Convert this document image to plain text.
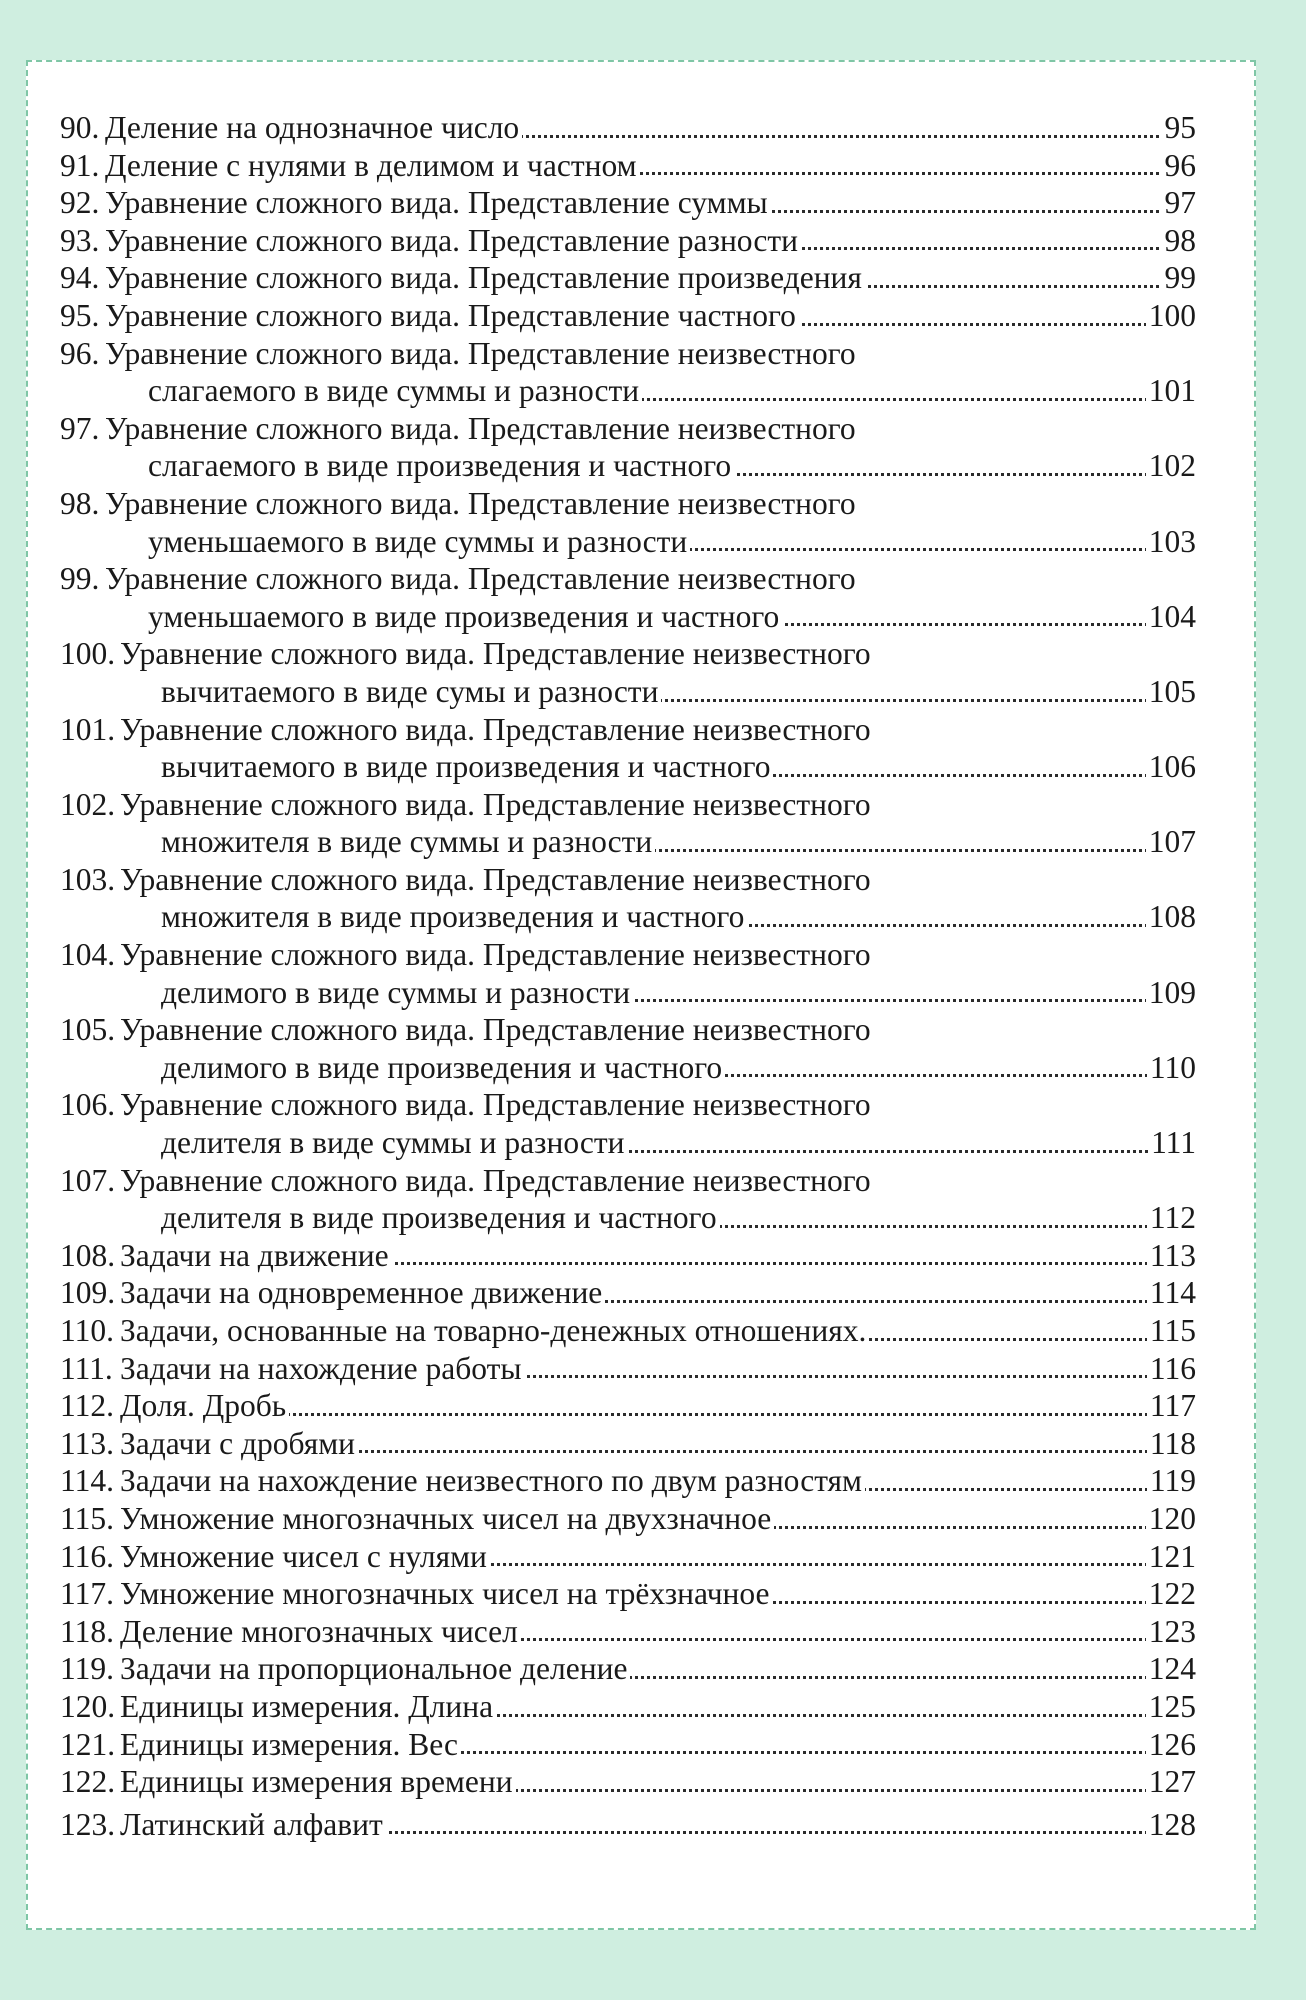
90. Деление на однозначное число	95
91. Деление с нулями в делимом и частном	96
92. Уравнение сложного вида. Представление суммы	97
93. Уравнение сложного вида. Представление разности	98
94. Уравнение сложного вида. Представление произведения	99
95. Уравнение сложного вида. Представление частного	100
96. Уравнение сложного вида. Представление неизвестного
слагаемого в виде суммы и разности	101
97. Уравнение сложного вида. Представление неизвестного
слагаемого в виде произведения и частного	102
98. Уравнение сложного вида. Представление неизвестного
уменьшаемого в виде суммы и разности	103
99. Уравнение сложного вида. Представление неизвестного
уменьшаемого в виде произведения и частного	104
100. Уравнение сложного вида. Представление неизвестного
вычитаемого в виде сумы и разности	105
101. Уравнение сложного вида. Представление неизвестного
вычитаемого в виде произведения и частного	106
102. Уравнение сложного вида. Представление неизвестного
множителя в виде суммы и разности	107
103. Уравнение сложного вида. Представление неизвестного
множителя в виде произведения и частного	108
104. Уравнение сложного вида. Представление неизвестного
делимого в виде суммы и разности	109
105. Уравнение сложного вида. Представление неизвестного
делимого в виде произведения и частного	110
106. Уравнение сложного вида. Представление неизвестного
делителя в виде суммы и разности	111
107. Уравнение сложного вида. Представление неизвестного
делителя в виде произведения и частного	112
108. Задачи на движение	113
109. Задачи на одновременное движение	114
110. Задачи, основанные на товарно-денежных отношениях.	115
111. Задачи на нахождение работы	116
112. Доля. Дробь	117
113. Задачи с дробями	118
114. Задачи на нахождение неизвестного по двум разностям	119
115. Умножение многозначных чисел на двухзначное	120
116. Умножение чисел с нулями	121
117. Умножение многозначных чисел на трёхзначное	122
118. Деление многозначных чисел	123
119. Задачи на пропорциональное деление	124
120. Единицы измерения. Длина	125
121. Единицы измерения. Вес	126
122. Единицы измерения времени	127
123. Латинский алфавит	128
